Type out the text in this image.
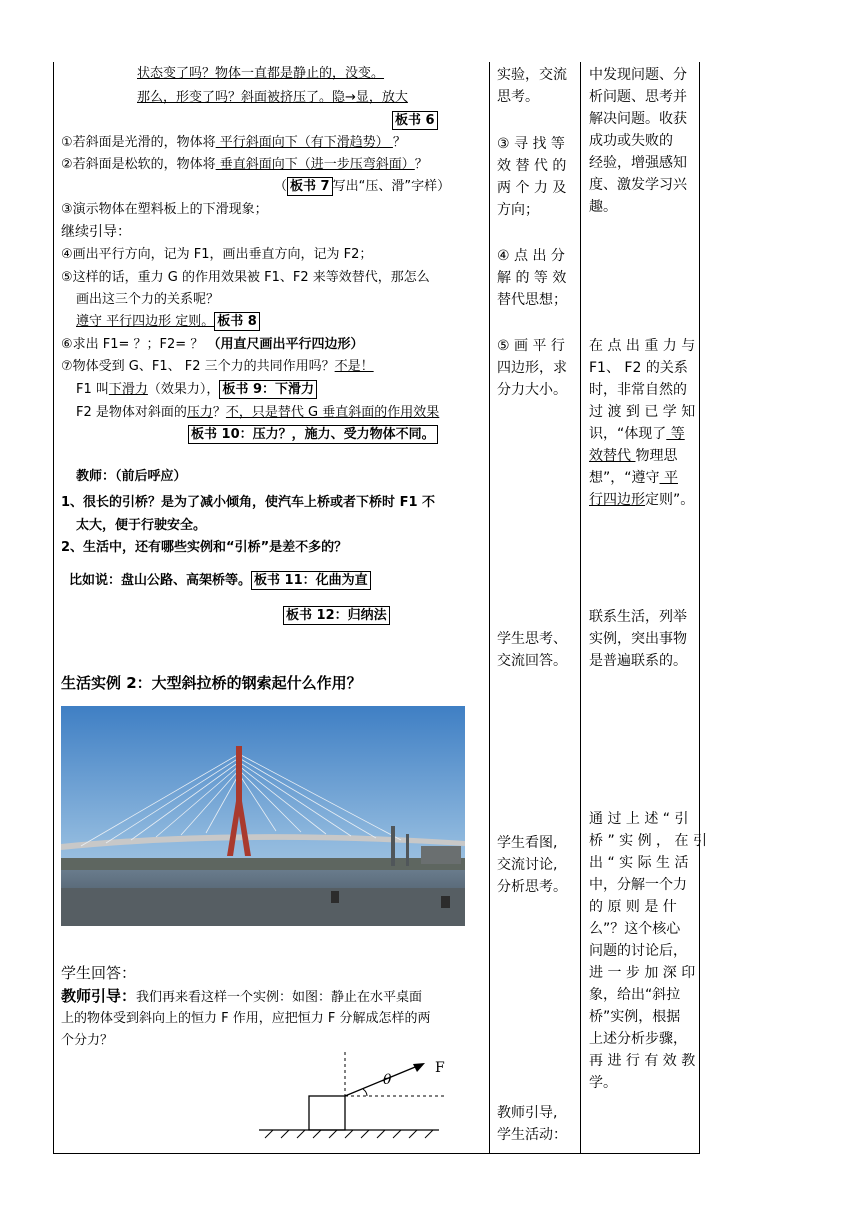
状态变了吗？物体一直都是静止的，没变。
那么，形变了吗？斜面被挤压了。隐→显，放大
板书 6
①若斜面是光滑的，物体将 平行斜面向下（有下滑趋势） ？
②若斜面是松软的，物体将 垂直斜面向下（进一步压弯斜面）？
（ 板书 7 写出“压、滑”字样）
③演示物体在塑料板上的下滑现象；
继续引导：
④画出平行方向，记为 F1，画出垂直方向，记为 F2；
⑤这样的话，重力 G 的作用效果被 F1、F2 来等效替代，那怎么
画出这三个力的关系呢？
遵守 平行四边形 定则。 板书 8
⑥求出 F1= ？；F2= ？ （用直尺画出平行四边形）
⑦物体受到 G、F1、 F2 三个力的共同作用吗？不是！
F1 叫下滑力（效果力）， 板书 9：下滑力
F2 是物体对斜面的压力？不，只是替代 G 垂直斜面的作用效果
板书 10：压力？，施力、受力物体不同。
教师：（前后呼应）
1、很长的引桥？是为了减小倾角，使汽车上桥或者下桥时 F1 不
太大，便于行驶安全。
2、生活中，还有哪些实例和“引桥”是差不多的？
比如说：盘山公路、高架桥等。 板书 11：化曲为直
板书 12：归纳法
生活实例 2：大型斜拉桥的钢索起什么作用？
学生回答：
教师引导：我们再来看这样一个实例：如图：静止在水平桌面
上的物体受到斜向上的恒力 F 作用，应把恒力 F 分解成怎样的两
个分力？
F
θ
实验，交流
思考。
③ 寻 找 等
效 替 代 的
两 个 力 及
方向；
④ 点 出 分
解 的 等 效
替代思想；
⑤ 画 平 行
四边形，求
分力大小。
学生思考、
交流回答。
学生看图,
交流讨论,
分析思考。
教师引导,
学生活动：
中发现问题、分
析问题、思考并
解决问题。收获
成功或失败的
经验，增强感知
度、激发学习兴
趣。
在 点 出 重 力 与
F1、 F2 的关系
时，非常自然的
过 渡 到 已 学 知
识，“体现了 等
效替代 物理思
想”，“遵守 平
行四边形定则”。
联系生活，列举
实例，突出事物
是普遍联系的。
通 过 上 述 “ 引
桥 ” 实 例 ， 在 引
出 “ 实 际 生 活
中，分解一个力
的 原 则 是 什
么”？这个核心
问题的讨论后，
进 一 步 加 深 印
象，给出“斜拉
桥”实例，根据
上述分析步骤，
再 进 行 有 效 教
学。
